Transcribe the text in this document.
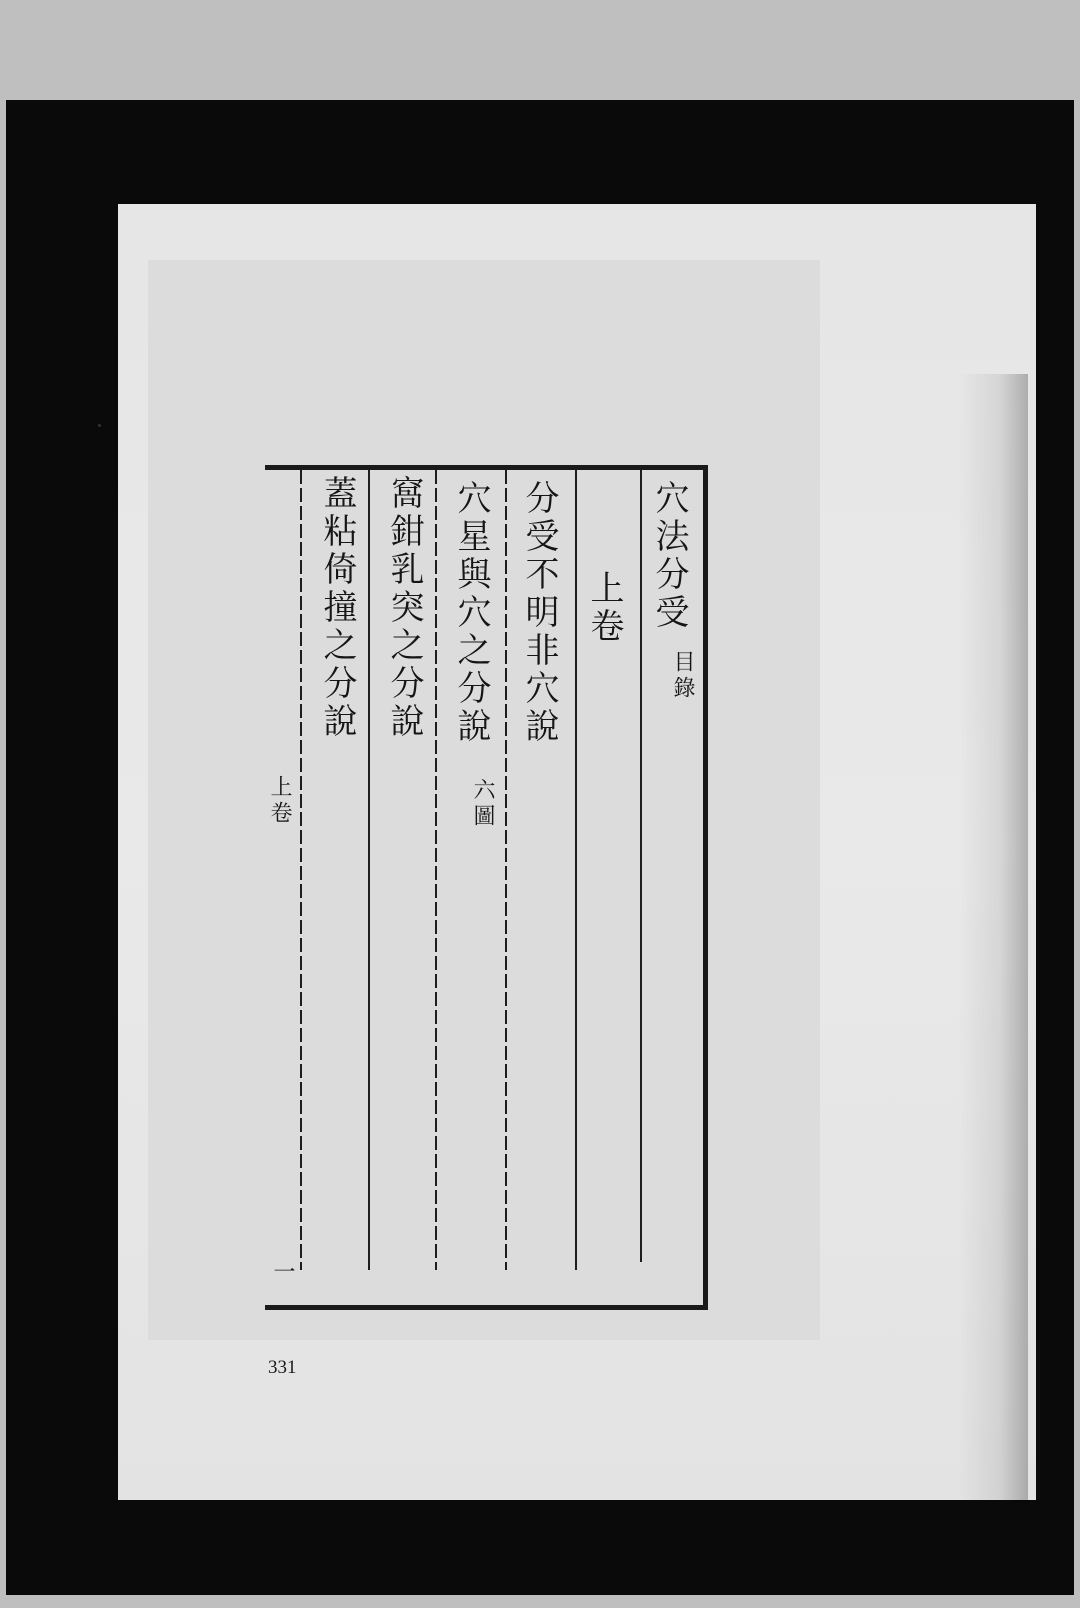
穴法分受
目錄
上卷
分受不明非穴說
穴星與穴之分說
六圖
窩鉗乳突之分說
蓋粘倚撞之分說
上卷
一
331
